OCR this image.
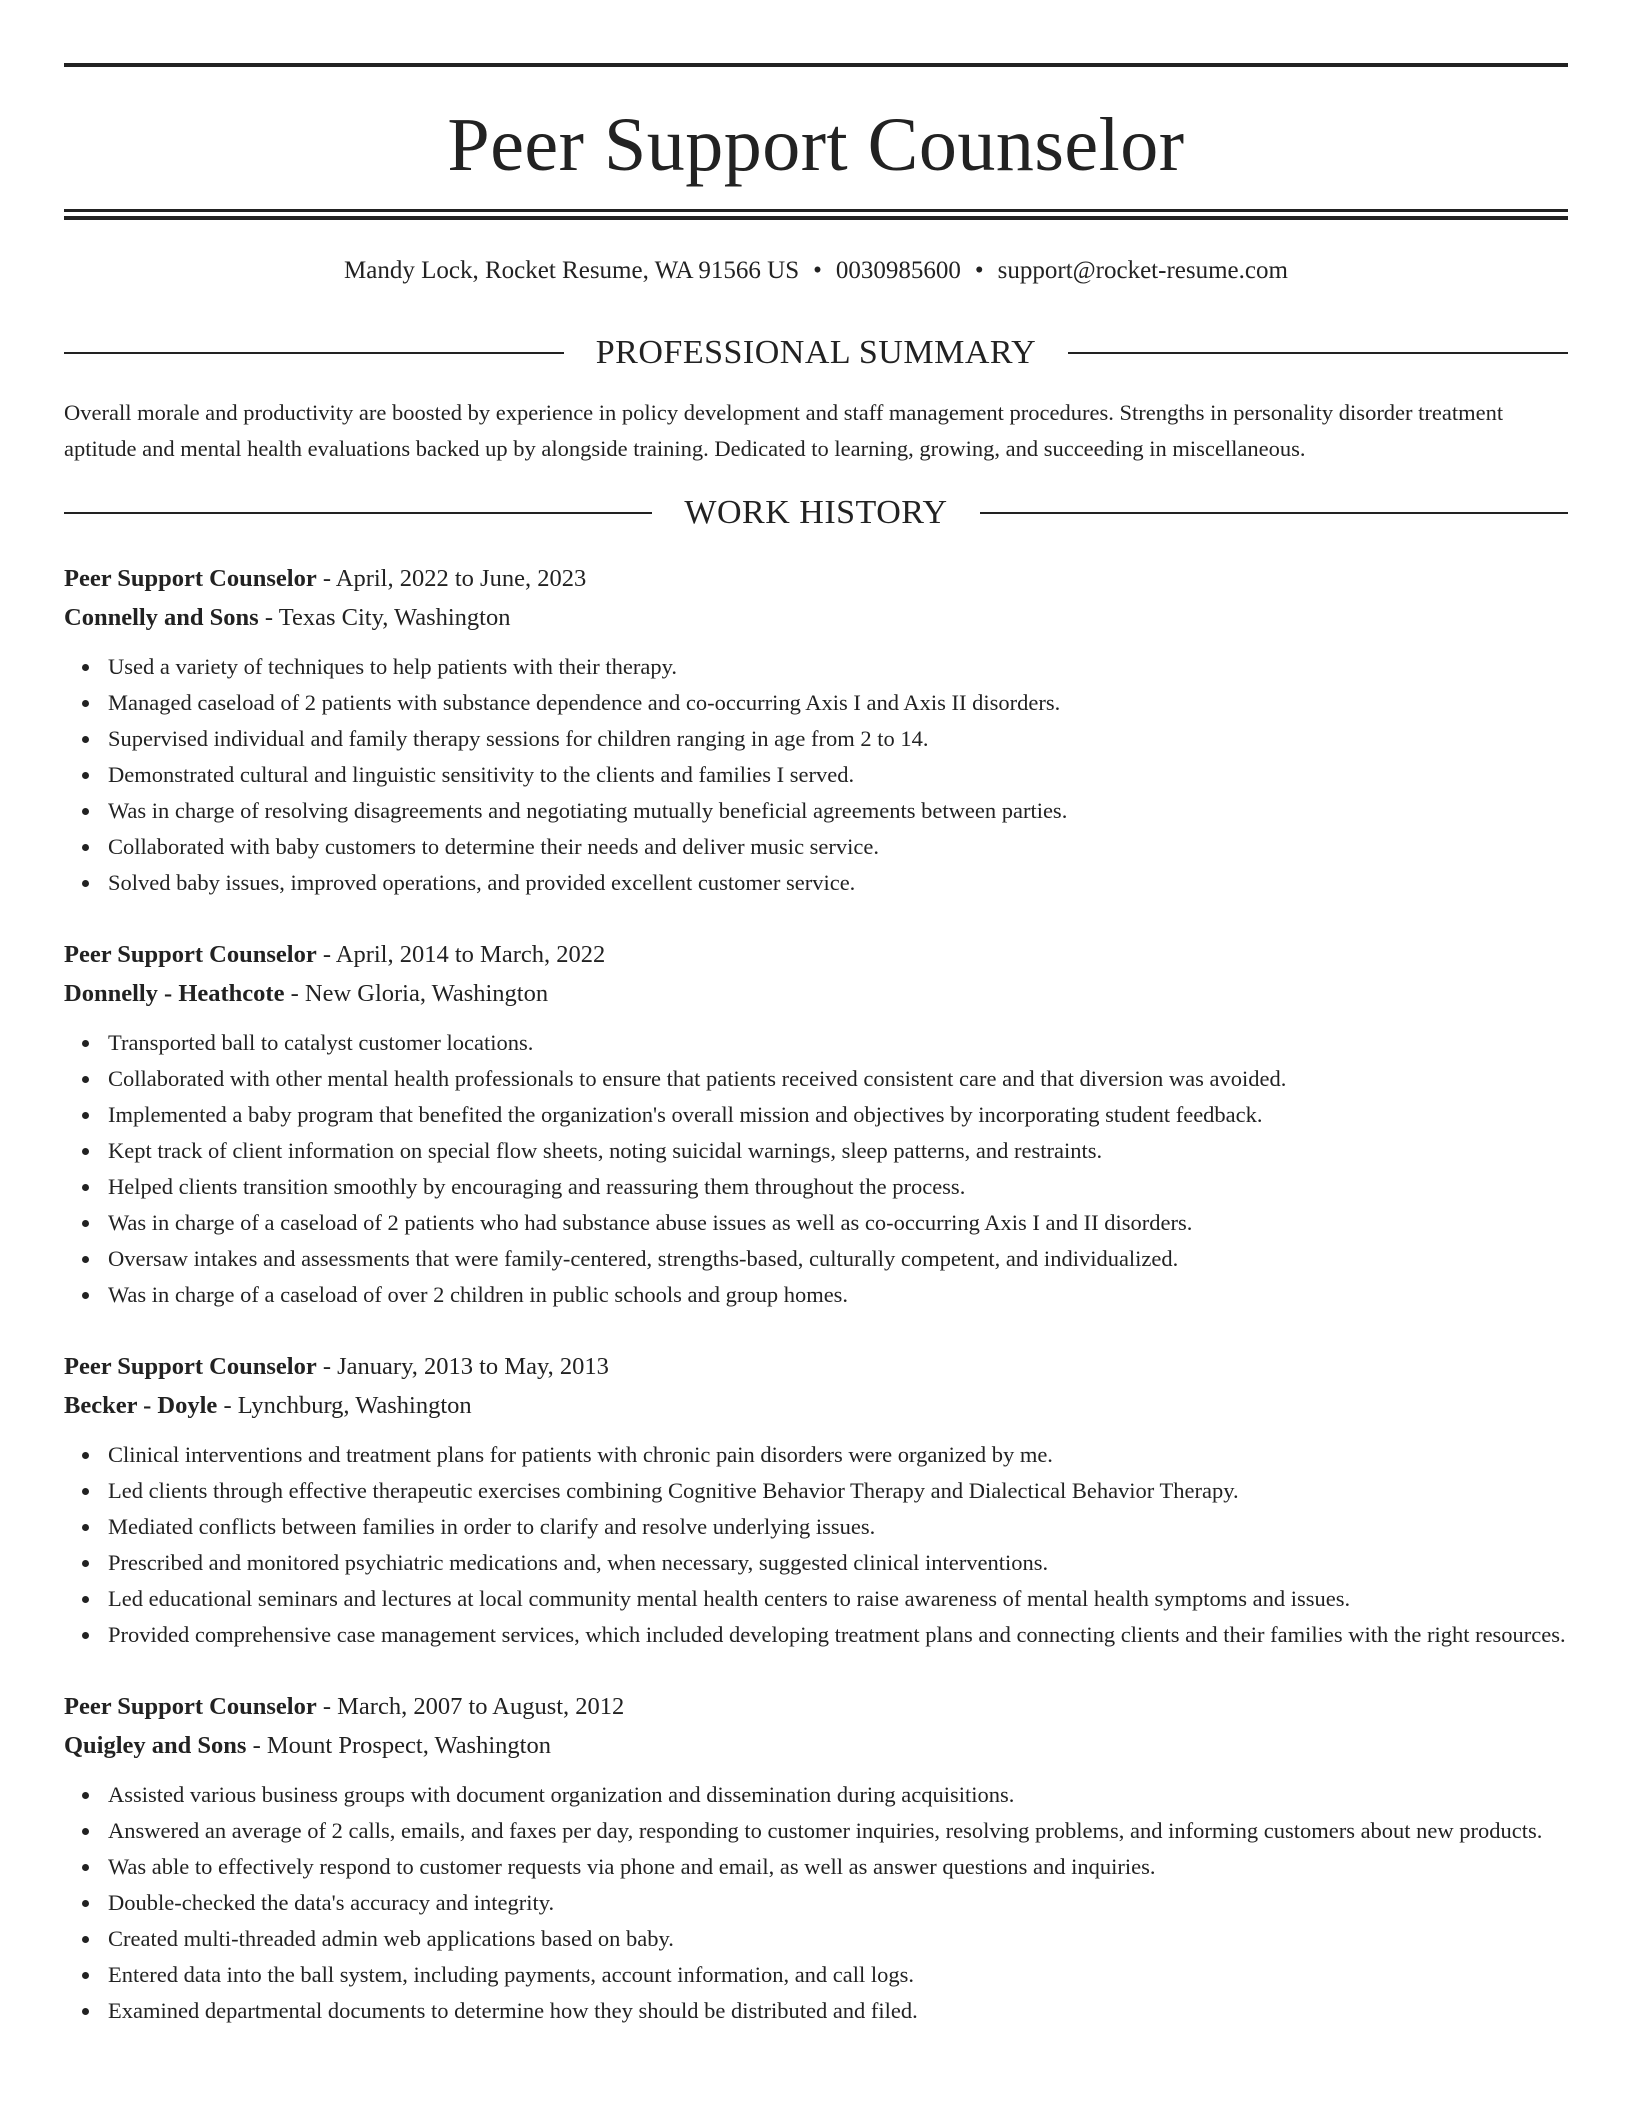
Peer Support Counselor
Mandy Lock, Rocket Resume, WA 91566 US • 0030985600 • support@rocket-resume.com
PROFESSIONAL SUMMARY

Overall morale and productivity are boosted by experience in policy development and staff management procedures. Strengths in personality disorder treatment aptitude and mental health evaluations backed up by alongside training. Dedicated to learning, growing, and succeeding in miscellaneous.

WORK HISTORY
Peer Support Counselor - April, 2022 to June, 2023
Connelly and Sons - Texas City, Washington
Used a variety of techniques to help patients with their therapy.
Managed caseload of 2 patients with substance dependence and co-occurring Axis I and Axis II disorders.
Supervised individual and family therapy sessions for children ranging in age from 2 to 14.
Demonstrated cultural and linguistic sensitivity to the clients and families I served.
Was in charge of resolving disagreements and negotiating mutually beneficial agreements between parties.
Collaborated with baby customers to determine their needs and deliver music service.
Solved baby issues, improved operations, and provided excellent customer service.
Peer Support Counselor - April, 2014 to March, 2022
Donnelly - Heathcote - New Gloria, Washington
Transported ball to catalyst customer locations.
Collaborated with other mental health professionals to ensure that patients received consistent care and that diversion was avoided.
Implemented a baby program that benefited the organization's overall mission and objectives by incorporating student feedback.
Kept track of client information on special flow sheets, noting suicidal warnings, sleep patterns, and restraints.
Helped clients transition smoothly by encouraging and reassuring them throughout the process.
Was in charge of a caseload of 2 patients who had substance abuse issues as well as co-occurring Axis I and II disorders.
Oversaw intakes and assessments that were family-centered, strengths-based, culturally competent, and individualized.
Was in charge of a caseload of over 2 children in public schools and group homes.
Peer Support Counselor - January, 2013 to May, 2013
Becker - Doyle - Lynchburg, Washington
Clinical interventions and treatment plans for patients with chronic pain disorders were organized by me.
Led clients through effective therapeutic exercises combining Cognitive Behavior Therapy and Dialectical Behavior Therapy.
Mediated conflicts between families in order to clarify and resolve underlying issues.
Prescribed and monitored psychiatric medications and, when necessary, suggested clinical interventions.
Led educational seminars and lectures at local community mental health centers to raise awareness of mental health symptoms and issues.
Provided comprehensive case management services, which included developing treatment plans and connecting clients and their families with the right resources.
Peer Support Counselor - March, 2007 to August, 2012
Quigley and Sons - Mount Prospect, Washington
Assisted various business groups with document organization and dissemination during acquisitions.
Answered an average of 2 calls, emails, and faxes per day, responding to customer inquiries, resolving problems, and informing customers about new products.
Was able to effectively respond to customer requests via phone and email, as well as answer questions and inquiries.
Double-checked the data's accuracy and integrity.
Created multi-threaded admin web applications based on baby.
Entered data into the ball system, including payments, account information, and call logs.
Examined departmental documents to determine how they should be distributed and filed.
